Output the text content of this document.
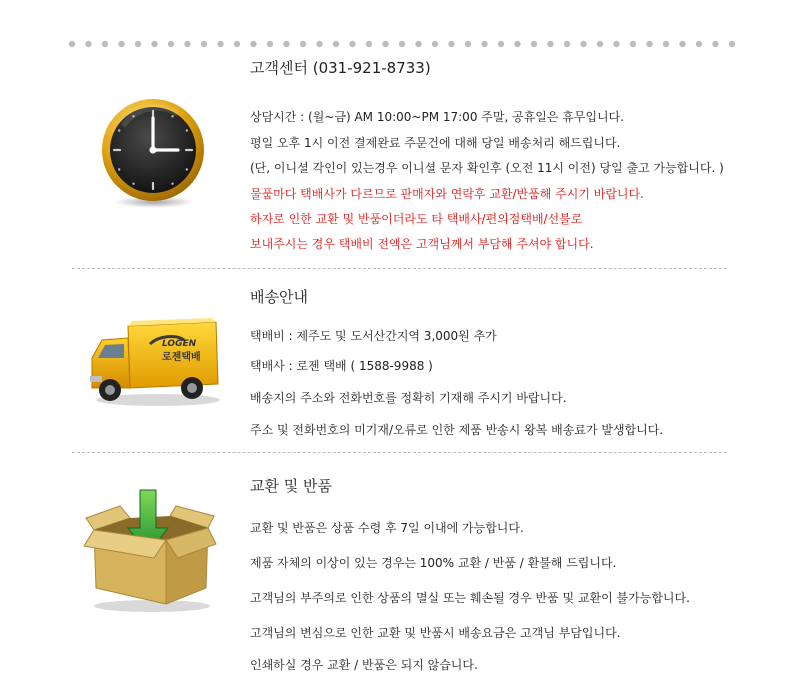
고객센터 (031-921-8733)
상담시간 : (월~금) AM 10:00~PM 17:00 주말, 공휴일은 휴무입니다.
평일 오후 1시 이전 결제완료 주문건에 대해 당일 배송처리 해드립니다.
(단, 이니셜 각인이 있는경우 이니셜 문자 확인후 (오전 11시 이전) 당일 출고 가능합니다. )
물품마다 택배사가 다르므로 판매자와 연락후 교환/반품해 주시기 바랍니다.
하자로 인한 교환 및 반품이더라도 타 택배사/편의점택배/선불로
보내주시는 경우 택배비 전액은 고객님께서 부담해 주셔야 합니다.
LOGEN
로젠택배
배송안내
택배비 : 제주도 및 도서산간지역 3,000원 추가
택배사 : 로젠 택배 ( 1588-9988 )
배송지의 주소와 전화번호를 정확히 기재해 주시기 바랍니다.
주소 및 전화번호의 미기재/오류로 인한 제품 반송시 왕복 배송료가 발생합니다.
교환 및 반품
교환 및 반품은 상품 수령 후 7일 이내에 가능합니다.
제품 자체의 이상이 있는 경우는 100% 교환 / 반품 / 환불해 드립니다.
고객님의 부주의로 인한 상품의 멸실 또는 훼손될 경우 반품 및 교환이 불가능합니다.
고객님의 변심으로 인한 교환 및 반품시 배송요금은 고객님 부담입니다.
인쇄하실 경우 교환 / 반품은 되지 않습니다.
